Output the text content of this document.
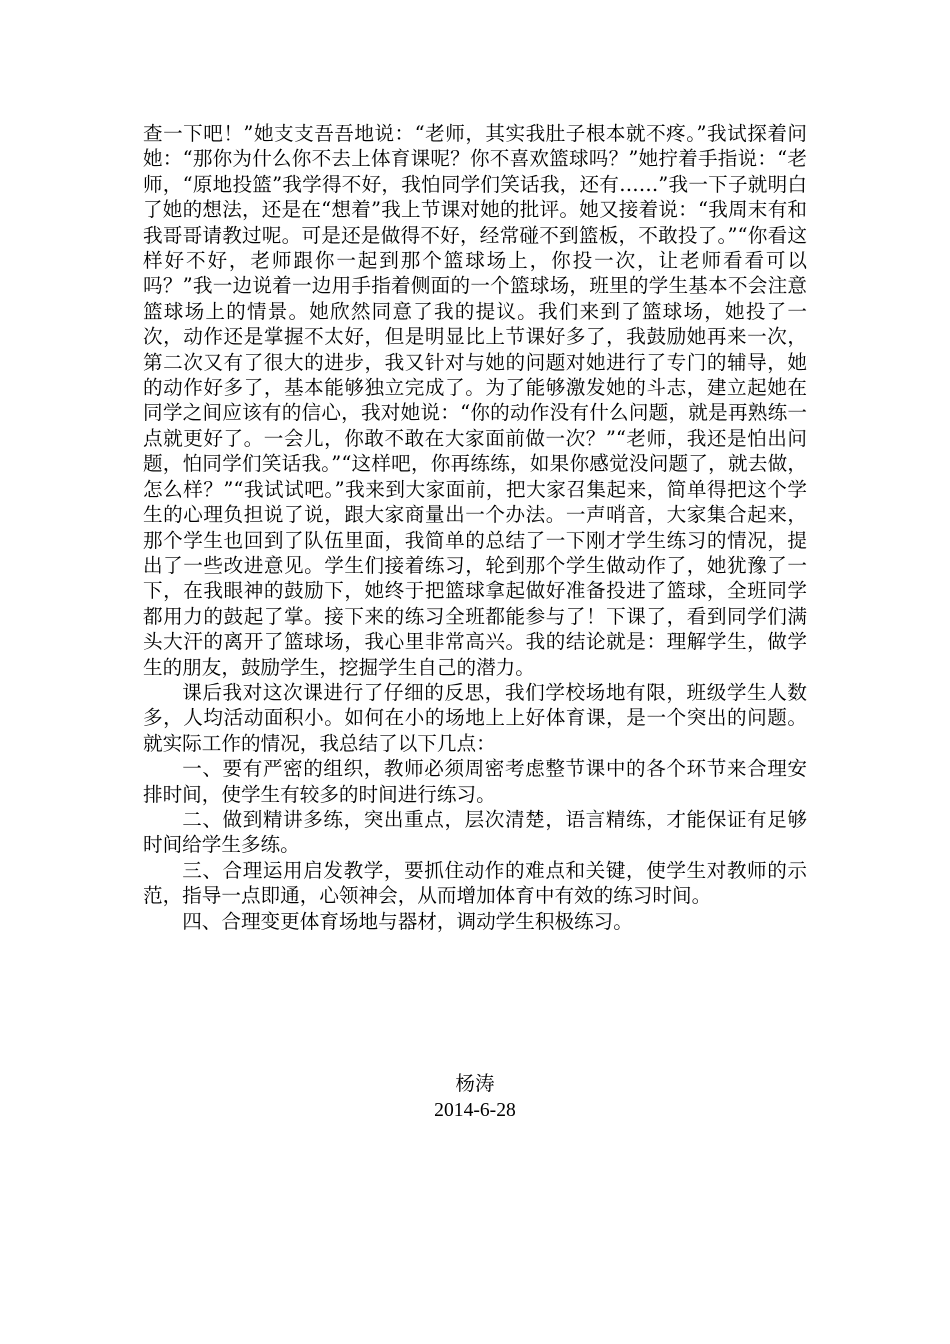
查一下吧！”她支支吾吾地说：“老师，其实我肚子根本就不疼。”我试探着问她：“那你为什么你不去上体育课呢？你不喜欢篮球吗？”她拧着手指说：“老师，“原地投篮”我学得不好，我怕同学们笑话我，还有……”我一下子就明白了她的想法，还是在“想着”我上节课对她的批评。她又接着说：“我周末有和我哥哥请教过呢。可是还是做得不好，经常碰不到篮板，不敢投了。”“你看这样好不好，老师跟你一起到那个篮球场上，你投一次，让老师看看可以吗？”我一边说着一边用手指着侧面的一个篮球场，班里的学生基本不会注意篮球场上的情景。她欣然同意了我的提议。我们来到了篮球场，她投了一次，动作还是掌握不太好，但是明显比上节课好多了，我鼓励她再来一次，第二次又有了很大的进步，我又针对与她的问题对她进行了专门的辅导，她的动作好多了，基本能够独立完成了。为了能够激发她的斗志，建立起她在同学之间应该有的信心，我对她说：“你的动作没有什么问题，就是再熟练一点就更好了。一会儿，你敢不敢在大家面前做一次？”“老师，我还是怕出问题，怕同学们笑话我。”“这样吧，你再练练，如果你感觉没问题了，就去做，怎么样？”“我试试吧。”我来到大家面前，把大家召集起来，简单得把这个学生的心理负担说了说，跟大家商量出一个办法。一声哨音，大家集合起来，那个学生也回到了队伍里面，我简单的总结了一下刚才学生练习的情况，提出了一些改进意见。学生们接着练习，轮到那个学生做动作了，她犹豫了一下，在我眼神的鼓励下，她终于把篮球拿起做好准备投进了篮球，全班同学都用力的鼓起了掌。接下来的练习全班都能参与了！下课了，看到同学们满头大汗的离开了篮球场，我心里非常高兴。我的结论就是：理解学生，做学生的朋友，鼓励学生，挖掘学生自己的潜力。

课后我对这次课进行了仔细的反思，我们学校场地有限，班级学生人数多，人均活动面积小。如何在小的场地上上好体育课，是一个突出的问题。就实际工作的情况，我总结了以下几点：

一、要有严密的组织，教师必须周密考虑整节课中的各个环节来合理安排时间，使学生有较多的时间进行练习。

二、做到精讲多练，突出重点，层次清楚，语言精练，才能保证有足够时间给学生多练。

三、合理运用启发教学，要抓住动作的难点和关键，使学生对教师的示范，指导一点即通，心领神会，从而增加体育中有效的练习时间。

四、合理变更体育场地与器材，调动学生积极练习。

杨涛
2014-6-28
